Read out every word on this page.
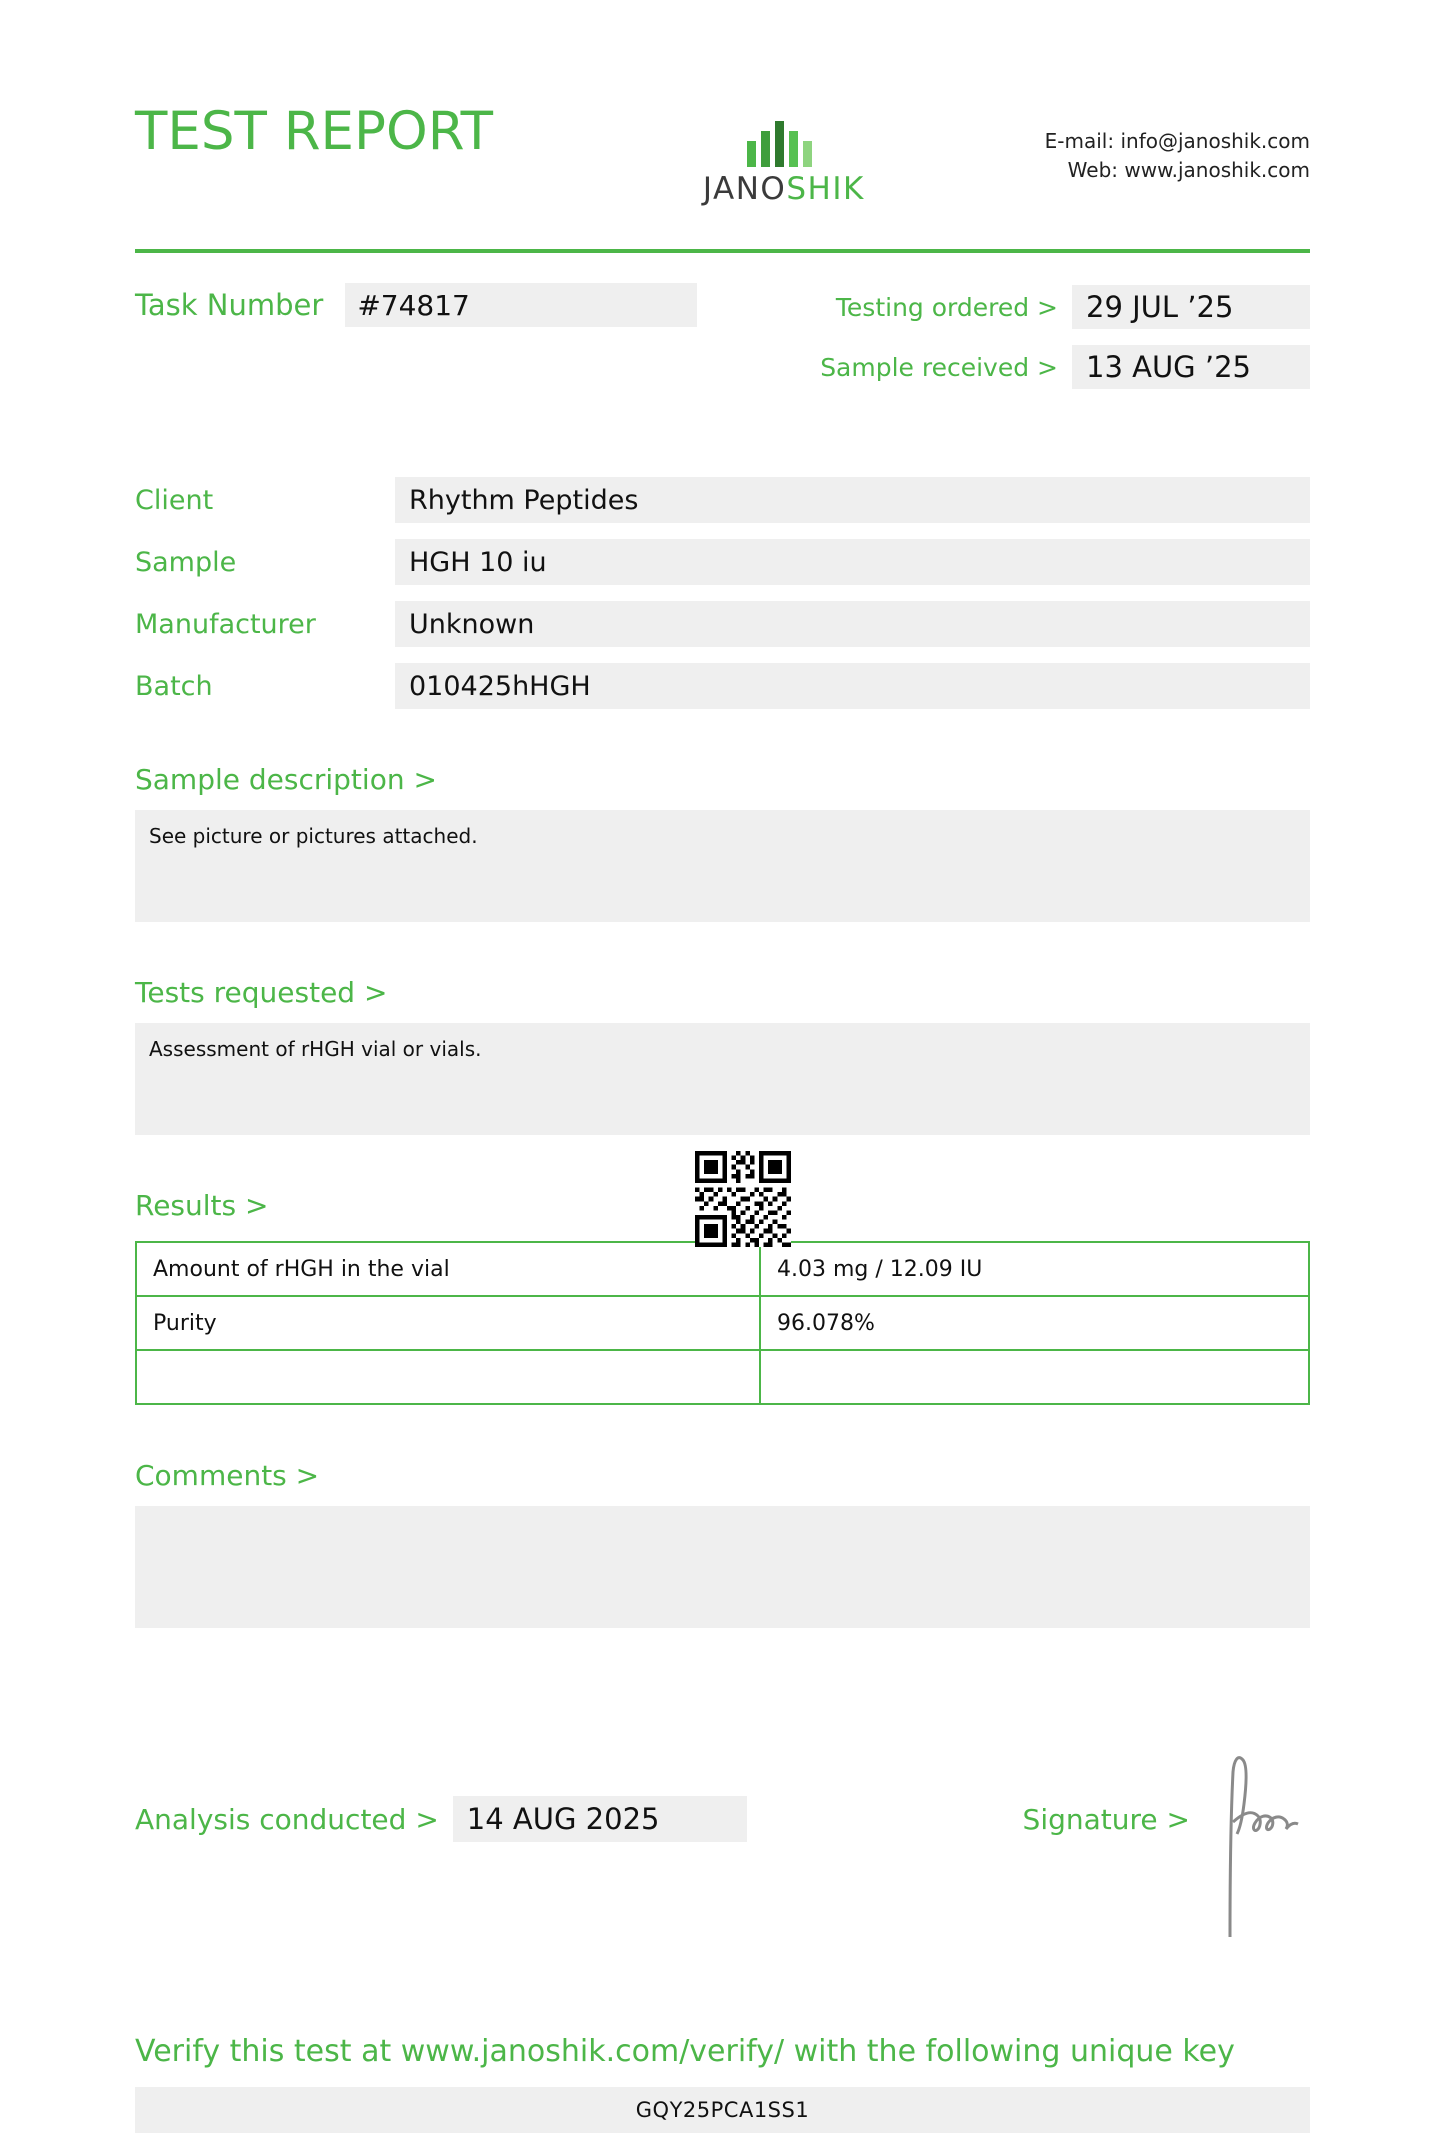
TEST REPORT
JANOSHIK
E-mail: info@janoshik.com
Web: www.janoshik.com
Task Number	#74817	Testing ordered > 29 JUL ’25
Sample received > 13 AUG ’25
Client	Rhythm Peptides
Sample	HGH 10 iu
Manufacturer	Unknown
Batch	010425hHGH
Sample description >
See picture or pictures attached.
Tests requested >
Assessment of rHGH vial or vials.
Results >
Amount of rHGH in the vial	4.03 mg / 12.09 IU
Purity	96.078%

Comments >
Analysis conducted > 14 AUG 2025	Signature >
Verify this test at www.janoshik.com/verify/ with the following unique key
GQY25PCA1SS1
